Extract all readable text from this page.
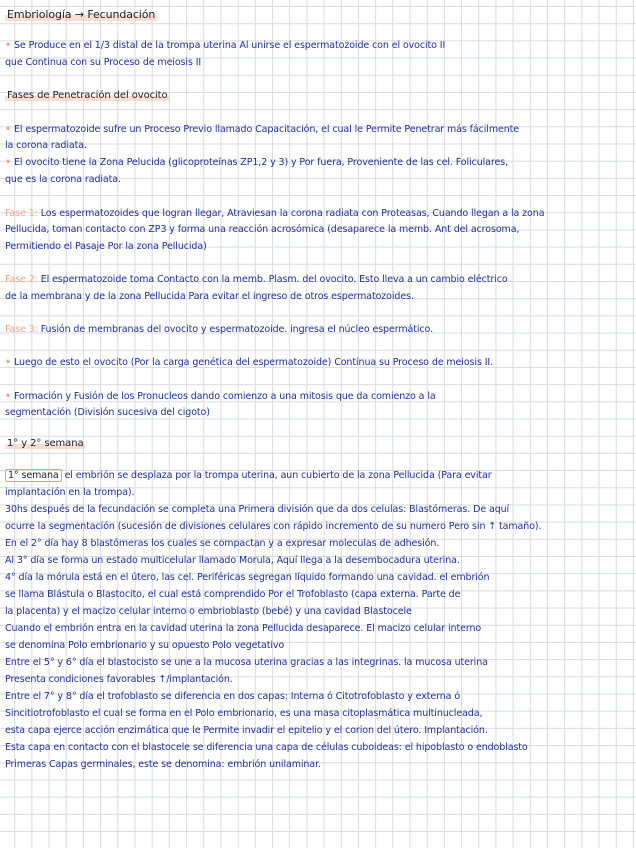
Embriología → Fecundación
• Se Produce en el 1/3 distal de la trompa uterina Al unirse el espermatozoide con el ovocito II
que Continua con su Proceso de meiosis II
Fases de Penetración del ovocito
• El espermatozoide sufre un Proceso Previo llamado Capacitación, el cual le Permite Penetrar más fácilmente
la corona radiata.
• El ovocito tiene la Zona Pelucida (glicoproteínas ZP1,2 y 3) y Por fuera, Proveniente de las cel. Foliculares,
que es la corona radiata.
Fase 1: Los espermatozoides que logran llegar, Atraviesan la corona radiata con Proteasas, Cuando llegan a la zona
Pellucida, toman contacto con ZP3 y forma una reacción acrosómica (desaparece la memb. Ant del acrosoma,
Permitiendo el Pasaje Por la zona Pellucida)
Fase 2: El espermatozoide toma Contacto con la memb. Plasm. del ovocito. Esto lleva a un cambio eléctrico
de la membrana y de la zona Pellucida Para evitar el ingreso de otros espermatozoides.
Fase 3: Fusión de membranas del ovocito y espermatozoide. ingresa el núcleo espermático.
• Luego de esto el ovocito (Por la carga genética del espermatozoide) Continua su Proceso de meiosis II.
• Formación y Fusión de los Pronucleos dando comienzo a una mitosis que da comienzo a la
segmentación (División sucesiva del cigoto)
1° y 2° semana
1° semana el embrión se desplaza por la trompa uterina, aun cubierto de la zona Pellucida (Para evitar
implantación en la trompa).
30hs después de la fecundación se completa una Primera división que da dos celulas: Blastómeras. De aquí
ocurre la segmentación (sucesión de divisiones celulares con rápido incremento de su numero Pero sin ↑ tamaño).
En el 2° día hay 8 blastómeras los cuales se compactan y a expresar moleculas de adhesión.
Al 3° día se forma un estado multicelular llamado Morula, Aquí llega a la desembocadura uterina.
4° día la mórula está en el útero, las cel. Periféricas segregan líquido formando una cavidad. el embrión
se llama Blástula o Blastocito, el cual está comprendido Por el Trofoblasto (capa externa. Parte de
la placenta) y el macizo celular interno o embrioblasto (bebé) y una cavidad Blastocele
Cuando el embrión entra en la cavidad uterina la zona Pellucida desaparece. El macizo celular interno
se denomina Polo embrionario y su opuesto Polo vegetativo
Entre el 5° y 6° día el blastocisto se une a la mucosa uterina gracias a las integrinas. la mucosa uterina
Presenta condiciones favorables ↑/implantación.
Entre el 7° y 8° día el trofoblasto se diferencia en dos capas: Interna ó Citotrofoblasto y externa ó
Sincitiotrofoblasto el cual se forma en el Polo embrionario, es una masa citoplasmática multinucleada,
esta capa ejerce acción enzimática que le Permite invadir el epitelio y el corion del útero. Implantación.
Esta capa en contacto con el blastocele se diferencia una capa de células cuboideas: el hipoblasto o endoblasto
Primeras Capas germinales, este se denomina: embrión unilaminar.
